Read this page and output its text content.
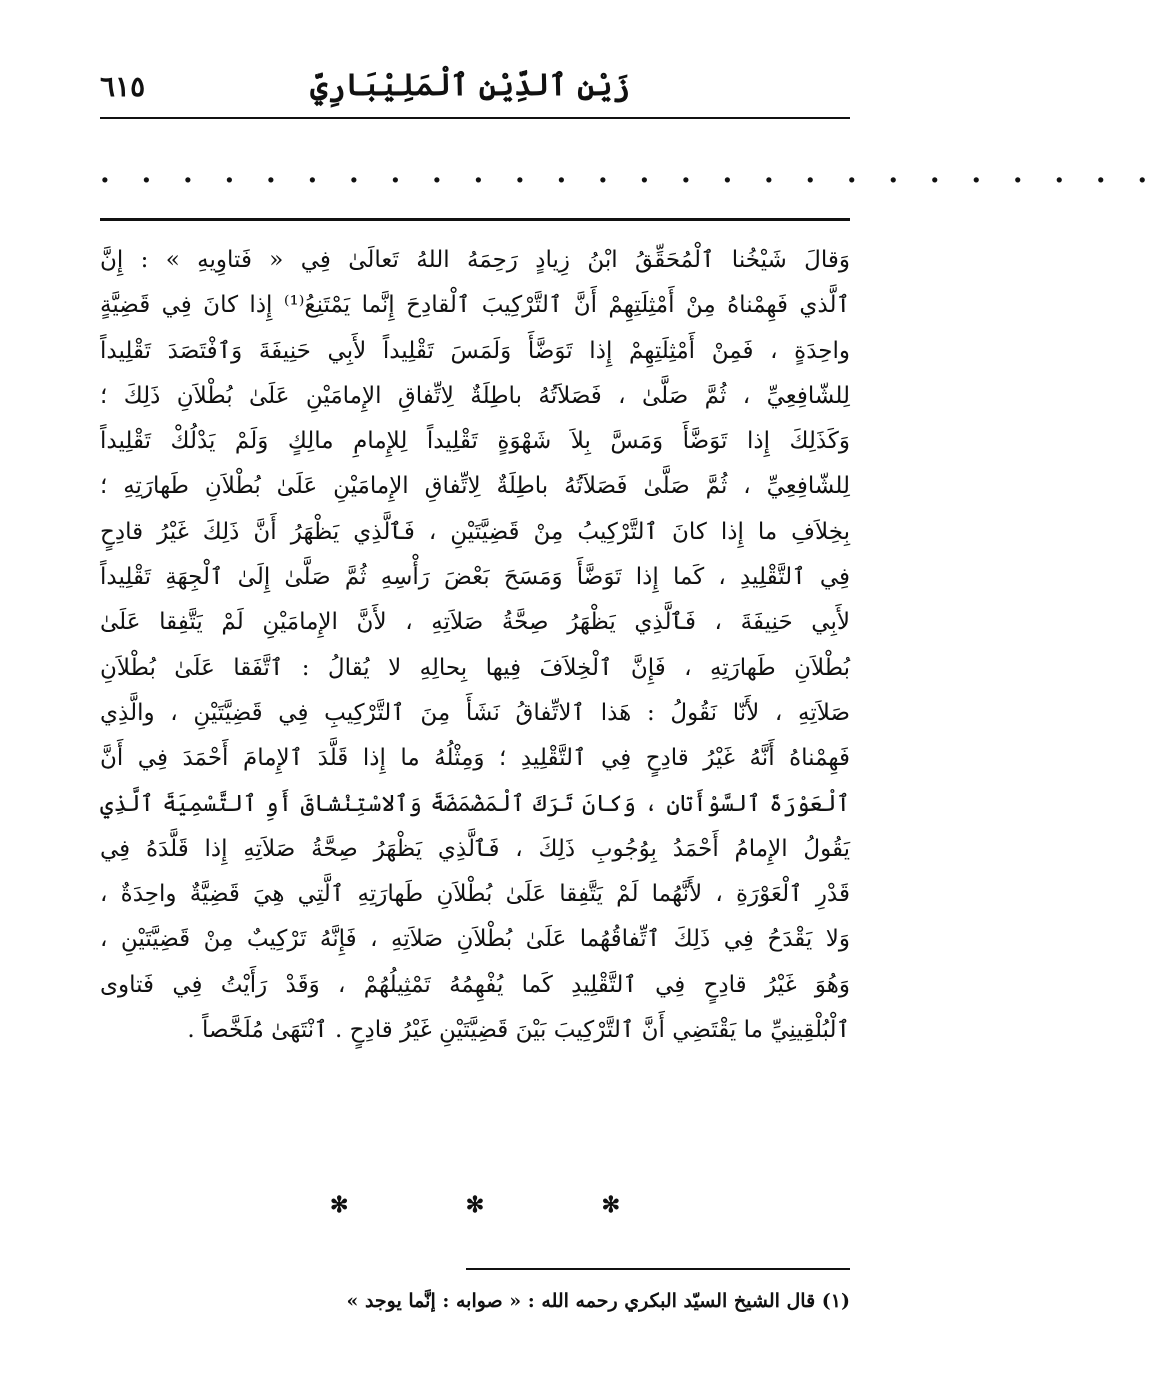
زَيْنِ ٱلدِّيْنِ ٱلْمَلِيْبَارِيِّ
٦١٥
. . . . . . . . . . . . . . . . . . . . . . . . . .
وَقالَ شَيْخُنا ٱلْمُحَقِّقُ ابْنُ زِيادٍ رَحِمَهُ اللهُ تَعالَىٰ فِي « فَتاوِيهِ » : إِنَّ
ٱلَّذي فَهِمْناهُ مِنْ أَمْثِلَتِهِمْ أَنَّ ٱلتَّرْكِيبَ ٱلْقادِحَ إِنَّما يَمْتَنِعُ⁽¹⁾ إِذا كانَ فِي قَضِيَّةٍ
واحِدَةٍ ، فَمِنْ أَمْثِلَتِهِمْ إِذا تَوَضَّأَ وَلَمَسَ تَقْلِيداً لأَبِي حَنِيفَةَ وَٱفْتَصَدَ تَقْلِيداً
لِلشّافِعِيِّ ، ثُمَّ صَلَّىٰ ، فَصَلاَتُهُ باطِلَةٌ لِاتِّفاقِ الإِمامَيْنِ عَلَىٰ بُطْلاَنِ ذَلِكَ ؛
وَكَذَلِكَ إِذا تَوَضَّأَ وَمَسَّ بِلاَ شَهْوَةٍ تَقْلِيداً لِلإِمامِ مالِكٍ وَلَمْ يَدْلُكْ تَقْلِيداً
لِلشّافِعِيِّ ، ثُمَّ صَلَّىٰ فَصَلاَتُهُ باطِلَةٌ لِاتِّفاقِ الإِمامَيْنِ عَلَىٰ بُطْلاَنِ طَهارَتِهِ ؛
بِخِلاَفِ ما إِذا كانَ ٱلتَّرْكِيبُ مِنْ قَضِيَّتَيْنِ ، فَٱلَّذِي يَظْهَرُ أَنَّ ذَلِكَ غَيْرُ قادِحٍ
فِي ٱلتَّقْلِيدِ ، كَما إِذا تَوَضَّأَ وَمَسَحَ بَعْضَ رَأْسِهِ ثُمَّ صَلَّىٰ إِلَىٰ ٱلْجِهَةِ تَقْلِيداً
لأَبِي حَنِيفَةَ ، فَٱلَّذِي يَظْهَرُ صِحَّةُ صَلاَتِهِ ، لأَنَّ الإِمامَيْنِ لَمْ يَتَّفِقا عَلَىٰ
بُطْلاَنِ طَهارَتِهِ ، فَإِنَّ ٱلْخِلاَفَ فِيها بِحالِهِ لا يُقالُ : ٱتَّفَقا عَلَىٰ بُطْلاَنِ
صَلاَتِهِ ، لأَنّا نَقُولُ : هَذا ٱلاتِّفاقُ نَشَأَ مِنَ ٱلتَّرْكِيبِ فِي قَضِيَّتَيْنِ ، والَّذِي
فَهِمْناهُ أَنَّهُ غَيْرُ قادِحٍ فِي ٱلتَّقْلِيدِ ؛ وَمِثْلُهُ ما إِذا قَلَّدَ ٱلإِمامَ أَحْمَدَ فِي أَنَّ
ٱلْعَوْرَةَ ٱلسَّوْأَتانِ ، وَكانَ تَرَكَ ٱلْمَضْمَضَةَ وَٱلاسْتِنْشاقَ أَوِ ٱلتَّسْمِيَةَ ٱلَّذِي
يَقُولُ الإِمامُ أَحْمَدُ بِوُجُوبِ ذَلِكَ ، فَٱلَّذِي يَظْهَرُ صِحَّةُ صَلاَتِهِ إِذا قَلَّدَهُ فِي
قَدْرِ ٱلْعَوْرَةِ ، لأَنَّهُما لَمْ يَتَّفِقا عَلَىٰ بُطْلاَنِ طَهارَتِهِ ٱلَّتِي هِيَ قَضِيَّةٌ واحِدَةٌ ،
وَلا يَقْدَحُ فِي ذَلِكَ ٱتِّفاقُهُما عَلَىٰ بُطْلاَنِ صَلاَتِهِ ، فَإِنَّهُ تَرْكِيبٌ مِنْ قَضِيَّتَيْنِ ،
وَهُوَ غَيْرُ قادِحٍ فِي ٱلتَّقْلِيدِ كَما يُفْهِمُهُ تَمْثِيلُهُمْ ، وَقَدْ رَأَيْتُ فِي فَتاوى
ٱلْبُلْقِينِيِّ ما يَقْتَضِي أَنَّ ٱلتَّرْكِيبَ بَيْنَ قَضِيَّتَيْنِ غَيْرُ قادِحٍ . ٱنْتَهَىٰ مُلَخَّصاً .
✻	✻	✻
(١) قال الشيخ السيّد البكري رحمه الله : « صوابه : إنَّما يوجد »
